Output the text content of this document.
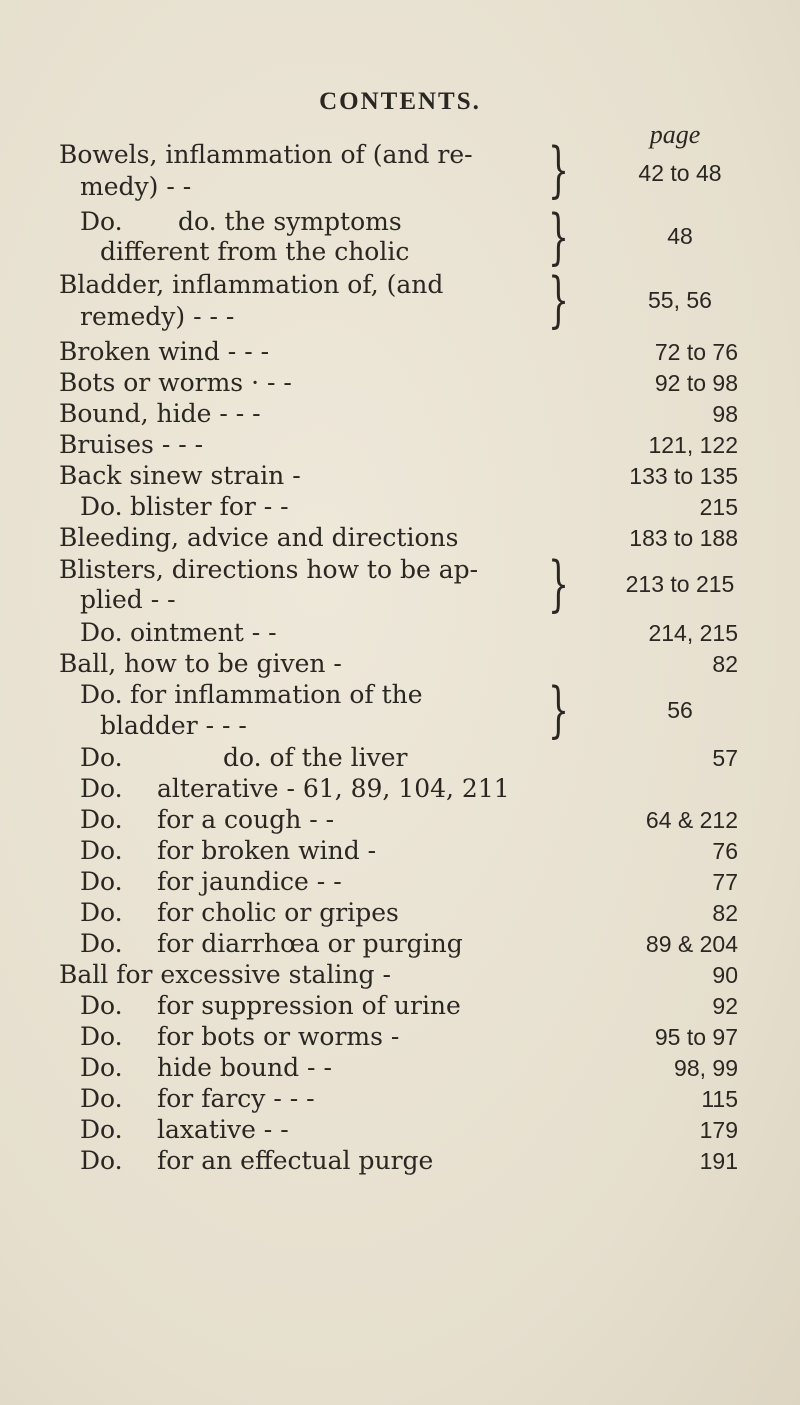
CONTENTS.
page
Bowels, inflammation of (and re-
medy) - -	}	42 to 48
Do. do. the symptoms
different from the cholic }	48
Bladder, inflammation of, (and
remedy) - - -	}	55, 56
Broken wind - - -	72 to 76
Bots or worms · - -	92 to 98
Bound, hide - - -	98
Bruises - - -	121, 122
Back sinew strain -	133 to 135
Do. blister for - -	215
Bleeding, advice and directions	183 to 188
Blisters, directions how to be ap-
plied - -	}	213 to 215
Do. ointment - -	214, 215
Ball, how to be given -	82
Do. for inflammation of the
bladder - - -	}	56
Do.	do. of the liver	57
Do. alterative - 61, 89, 104, 211
Do. for a cough - -	64 & 212
Do. for broken wind -	76
Do. for jaundice - -	77
Do. for cholic or gripes	82
Do. for diarrhœa or purging	89 & 204
Ball for excessive staling -	90
Do. for suppression of urine	92
Do. for bots or worms -	95 to 97
Do. hide bound - -	98, 99
Do. for farcy - - -	115
Do. laxative - -	179
Do. for an effectual purge	191
